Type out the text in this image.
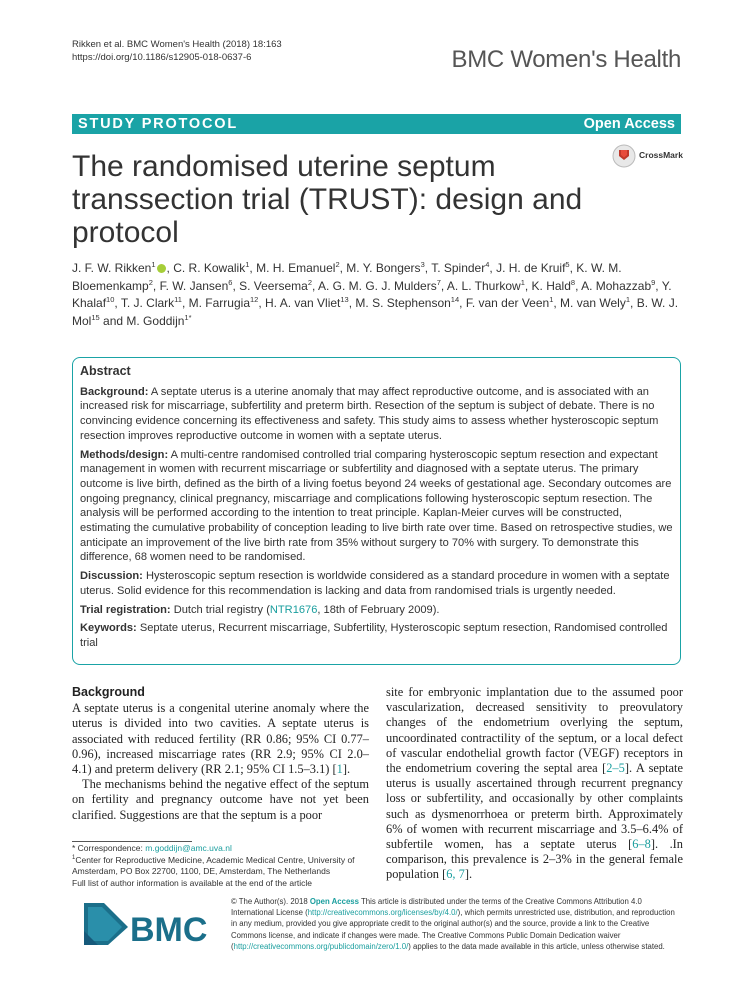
Rikken et al. BMC Women's Health (2018) 18:163
https://doi.org/10.1186/s12905-018-0637-6	BMC Women's Health
STUDY PROTOCOL	Open Access
CrossMark
The randomised uterine septum transsection trial (TRUST): design and protocol
J. F. W. Rikken$^1$ , C. R. Kowalik$^1$, M. H. Emanuel$^2$, M. Y. Bongers$^3$, T. Spinder$^4$, J. H. de Kruif$^5$, K. W. M. Bloemenkamp$^2$, F. W. Jansen$^6$, S. Veersema$^2$, A. G. M. G. J. Mulders$^7$, A. L. Thurkow$^1$, K. Hald$^8$, A. Mohazzab$^9$, Y. Khalaf$^{10}$, T. J. Clark$^{11}$, M. Farrugia$^{12}$, H. A. van Vliet$^{13}$, M. S. Stephenson$^{14}$, F. van der Veen$^1$, M. van Wely$^1$, B. W. J. Mol$^{15}$ and M. Goddijn$^{1*}$
Abstract

Background: A septate uterus is a uterine anomaly that may affect reproductive outcome, and is associated with an increased risk for miscarriage, subfertility and preterm birth. Resection of the septum is subject of debate. There is no convincing evidence concerning its effectiveness and safety. This study aims to assess whether hysteroscopic septum resection improves reproductive outcome in women with a septate uterus.

Methods/design: A multi-centre randomised controlled trial comparing hysteroscopic septum resection and expectant management in women with recurrent miscarriage or subfertility and diagnosed with a septate uterus. The primary outcome is live birth, defined as the birth of a living foetus beyond 24 weeks of gestational age. Secondary outcomes are ongoing pregnancy, clinical pregnancy, miscarriage and complications following hysteroscopic septum resection. The analysis will be performed according to the intention to treat principle. Kaplan-Meier curves will be constructed, estimating the cumulative probability of conception leading to live birth rate over time. Based on retrospective studies, we anticipate an improvement of the live birth rate from 35% without surgery to 70% with surgery. To demonstrate this difference, 68 women need to be randomised.

Discussion: Hysteroscopic septum resection is worldwide considered as a standard procedure in women with a septate uterus. Solid evidence for this recommendation is lacking and data from randomised trials is urgently needed.

Trial registration: Dutch trial registry (NTR1676, 18th of February 2009).

Keywords: Septate uterus, Recurrent miscarriage, Subfertility, Hysteroscopic septum resection, Randomised controlled trial

Background

A septate uterus is a congenital uterine anomaly where the uterus is divided into two cavities. A septate uterus is associated with reduced fertility (RR 0.86; 95% CI 0.77–0.96), increased miscarriage rates (RR 2.9; 95% CI 2.0–4.1) and preterm delivery (RR 2.1; 95% CI 1.5–3.1) [1].

The mechanisms behind the negative effect of the septum on fertility and pregnancy outcome have not yet been clarified. Suggestions are that the septum is a poor

site for embryonic implantation due to the assumed poor vascularization, decreased sensitivity to preovulatory changes of the endometrium overlying the septum, uncoordinated contractility of the septum, or a local defect of vascular endothelial growth factor (VEGF) receptors in the endometrium covering the septal area [2–5]. A septate uterus is usually ascertained through recurrent pregnancy loss or subfertility, and occasionally by other complaints such as dysmenorrhoea or preterm birth. Approximately 6% of women with recurrent miscarriage and 3.5–6.4% of subfertile women, has a septate uterus [6–8]. .In comparison, this prevalence is 2–3% in the general female population [6, 7].

* Correspondence: m.goddijn@amc.uva.nl
$^1$Center for Reproductive Medicine, Academic Medical Centre, University of Amsterdam, PO Box 22700, 1100, DE, Amsterdam, The Netherlands
Full list of author information is available at the end of the article
BMC
© The Author(s). 2018 Open Access This article is distributed under the terms of the Creative Commons Attribution 4.0 International License (http://creativecommons.org/licenses/by/4.0/), which permits unrestricted use, distribution, and reproduction in any medium, provided you give appropriate credit to the original author(s) and the source, provide a link to the Creative Commons license, and indicate if changes were made. The Creative Commons Public Domain Dedication waiver (http://creativecommons.org/publicdomain/zero/1.0/) applies to the data made available in this article, unless otherwise stated.
